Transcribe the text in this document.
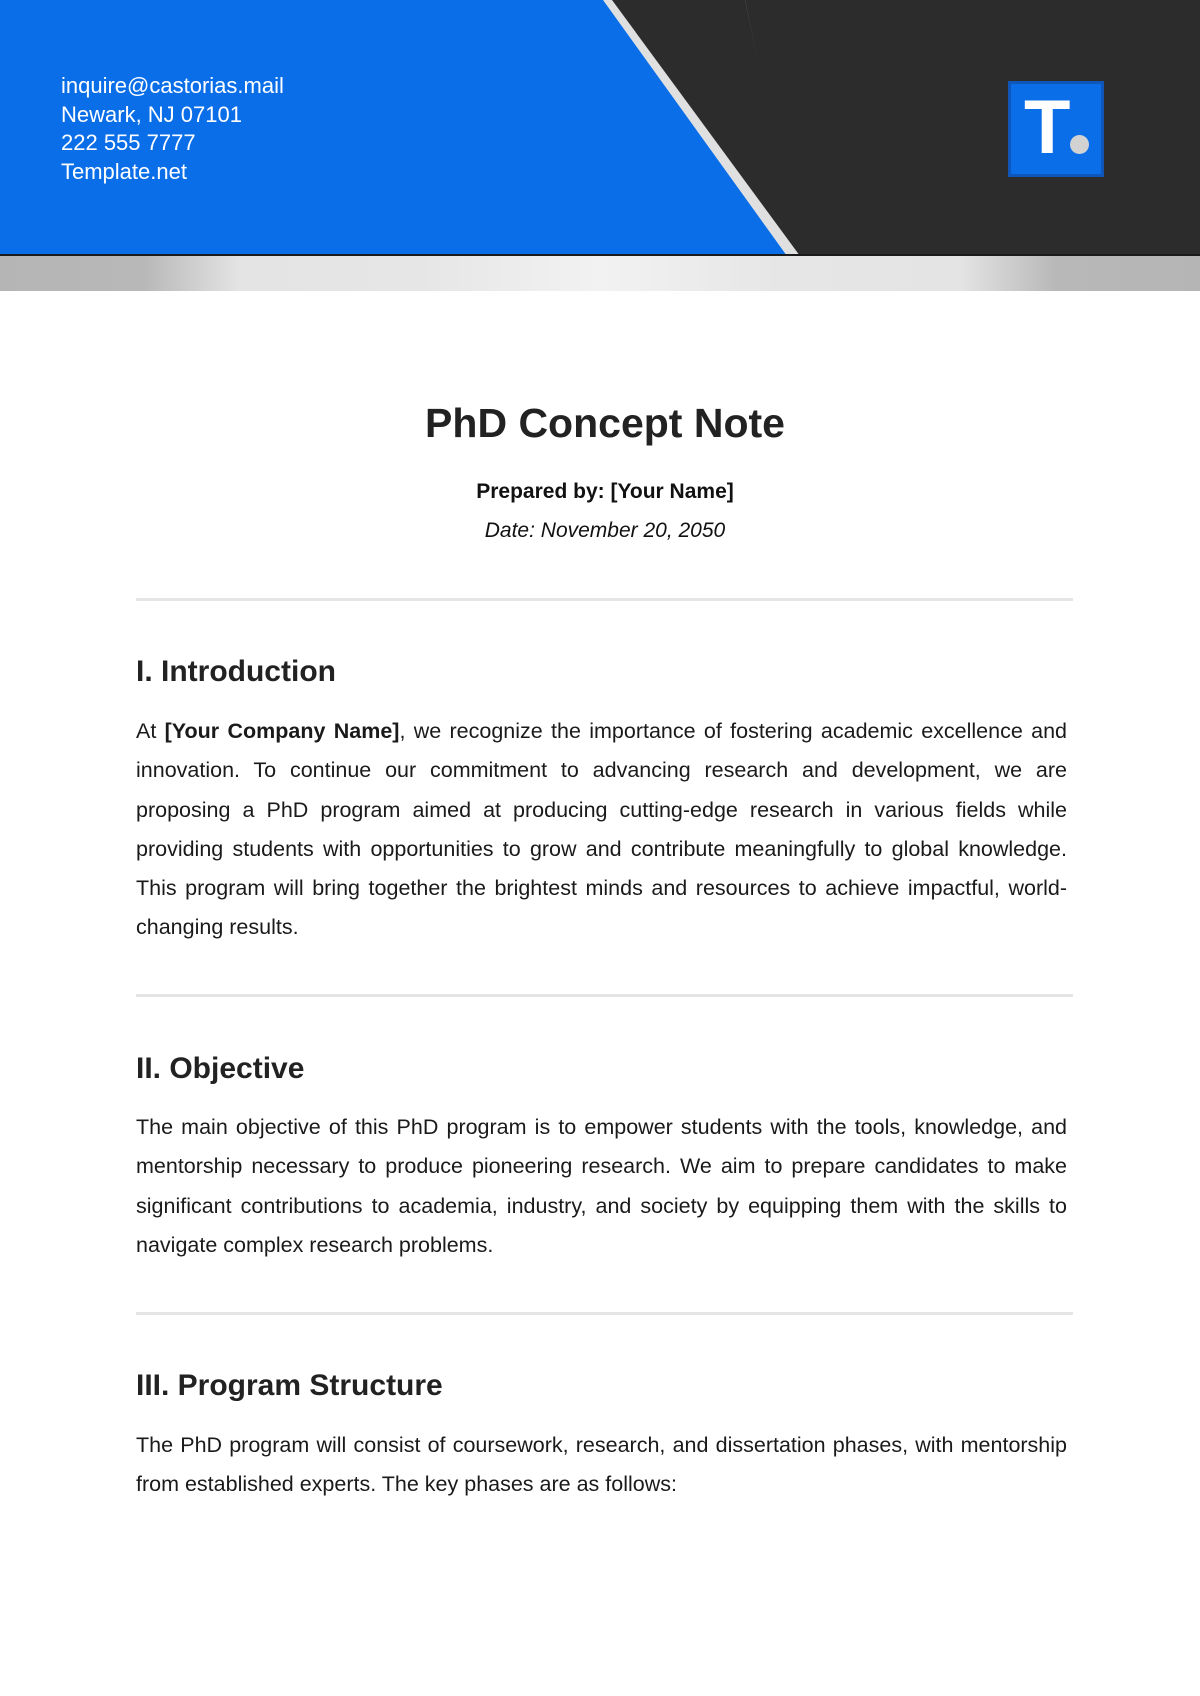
inquire@castorias.mail
Newark, NJ 07101
222 555 7777
Template.net
T
PhD Concept Note
Prepared by: [Your Name]
Date: November 20, 2050
I. Introduction
At [Your Company Name], we recognize the importance of fostering academic excellence and innovation. To continue our commitment to advancing research and development, we are proposing a PhD program aimed at producing cutting-edge research in various fields while providing students with opportunities to grow and contribute meaningfully to global knowledge. This program will bring together the brightest minds and resources to achieve impactful, world-changing results.
II. Objective
The main objective of this PhD program is to empower students with the tools, knowledge, and mentorship necessary to produce pioneering research. We aim to prepare candidates to make significant contributions to academia, industry, and society by equipping them with the skills to navigate complex research problems.
III. Program Structure
The PhD program will consist of coursework, research, and dissertation phases, with mentorship from established experts. The key phases are as follows:
